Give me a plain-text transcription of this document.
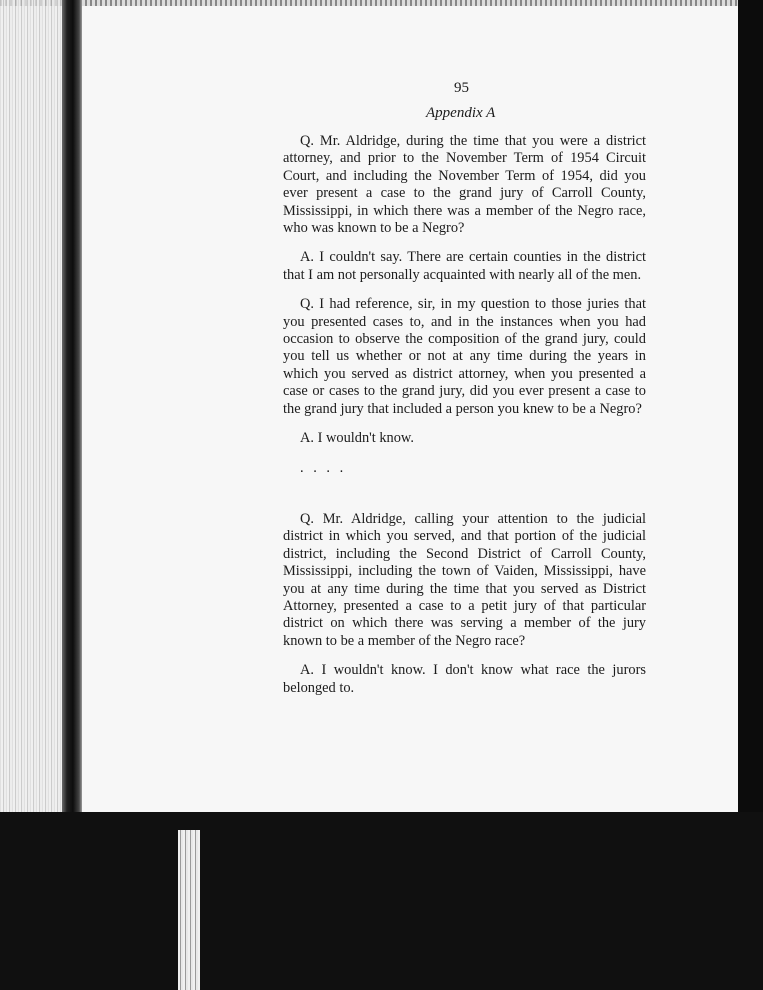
95
Appendix A

Q. Mr. Aldridge, during the time that you were a district attorney, and prior to the November Term of 1954 Circuit Court, and including the November Term of 1954, did you ever present a case to the grand jury of Carroll County, Mississippi, in which there was a member of the Negro race, who was known to be a Negro?

A. I couldn't say. There are certain counties in the district that I am not personally acquainted with nearly all of the men.

Q. I had reference, sir, in my question to those juries that you presented cases to, and in the instances when you had occasion to observe the composition of the grand jury, could you tell us whether or not at any time during the years in which you served as district attorney, when you presented a case or cases to the grand jury, did you ever present a case to the grand jury that included a person you knew to be a Negro?

A. I wouldn't know.

. . . .

Q. Mr. Aldridge, calling your attention to the judicial district in which you served, and that portion of the judicial district, including the Second District of Carroll County, Mississippi, including the town of Vaiden, Mississippi, have you at any time during the time that you served as District Attorney, presented a case to a petit jury of that particular district on which there was serving a member of the jury known to be a member of the Negro race?

A. I wouldn't know. I don't know what race the jurors belonged to.
